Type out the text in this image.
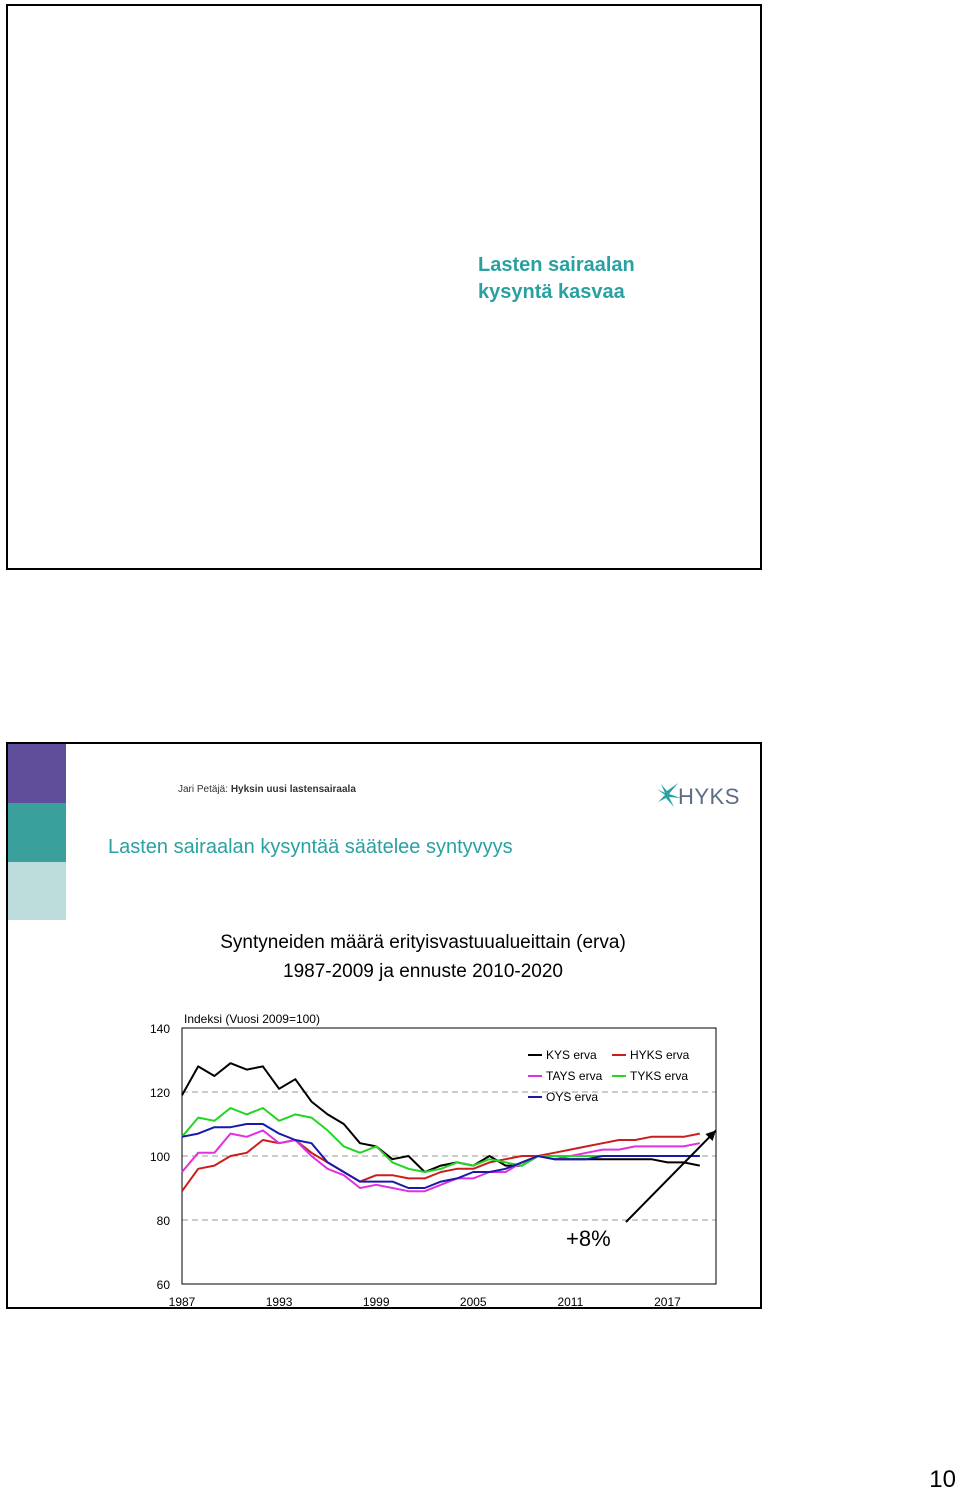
Lasten sairaalan
kysyntä kasvaa
Jari Petäjä: Hyksin uusi lastensairaala	HYKS
Lasten sairaalan kysyntää säätelee syntyvyys
Syntyneiden määrä erityisvastuualueittain (erva)
1987-2009 ja ennuste 2010-2020
60
80
100
120
140
1987	1993	1999	2005	2011	2017
Indeksi (Vuosi 2009=100)
KYS erva	HYKS erva
TAYS erva TYKS erva
OYS erva
+8%
10
